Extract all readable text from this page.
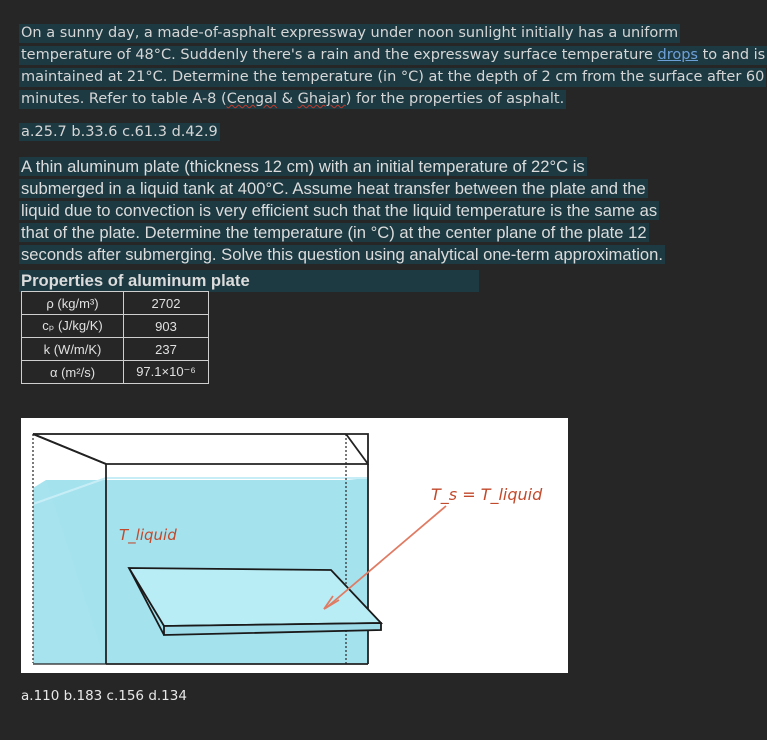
On a sunny day, a made-of-asphalt expressway under noon sunlight initially has a uniform
temperature of 48°C. Suddenly there's a rain and the expressway surface temperature drops to and is
maintained at 21°C. Determine the temperature (in °C) at the depth of 2 cm from the surface after 60
minutes. Refer to table A-8 (Cengal & Ghajar) for the properties of asphalt.
a.25.7 b.33.6 c.61.3 d.42.9
A thin aluminum plate (thickness 12 cm) with an initial temperature of 22°C is
submerged in a liquid tank at 400°C. Assume heat transfer between the plate and the
liquid due to convection is very efficient such that the liquid temperature is the same as
that of the plate. Determine the temperature (in °C) at the center plane of the plate 12
seconds after submerging. Solve this question using analytical one-term approximation.
Properties of aluminum plate
ρ (kg/m³)	2702
cₚ (J/kg/K)	903
k (W/m/K)	237
α (m²/s)	97.1×10⁻⁶
T_liquid
T_s = T_liquid
a.110 b.183 c.156 d.134
